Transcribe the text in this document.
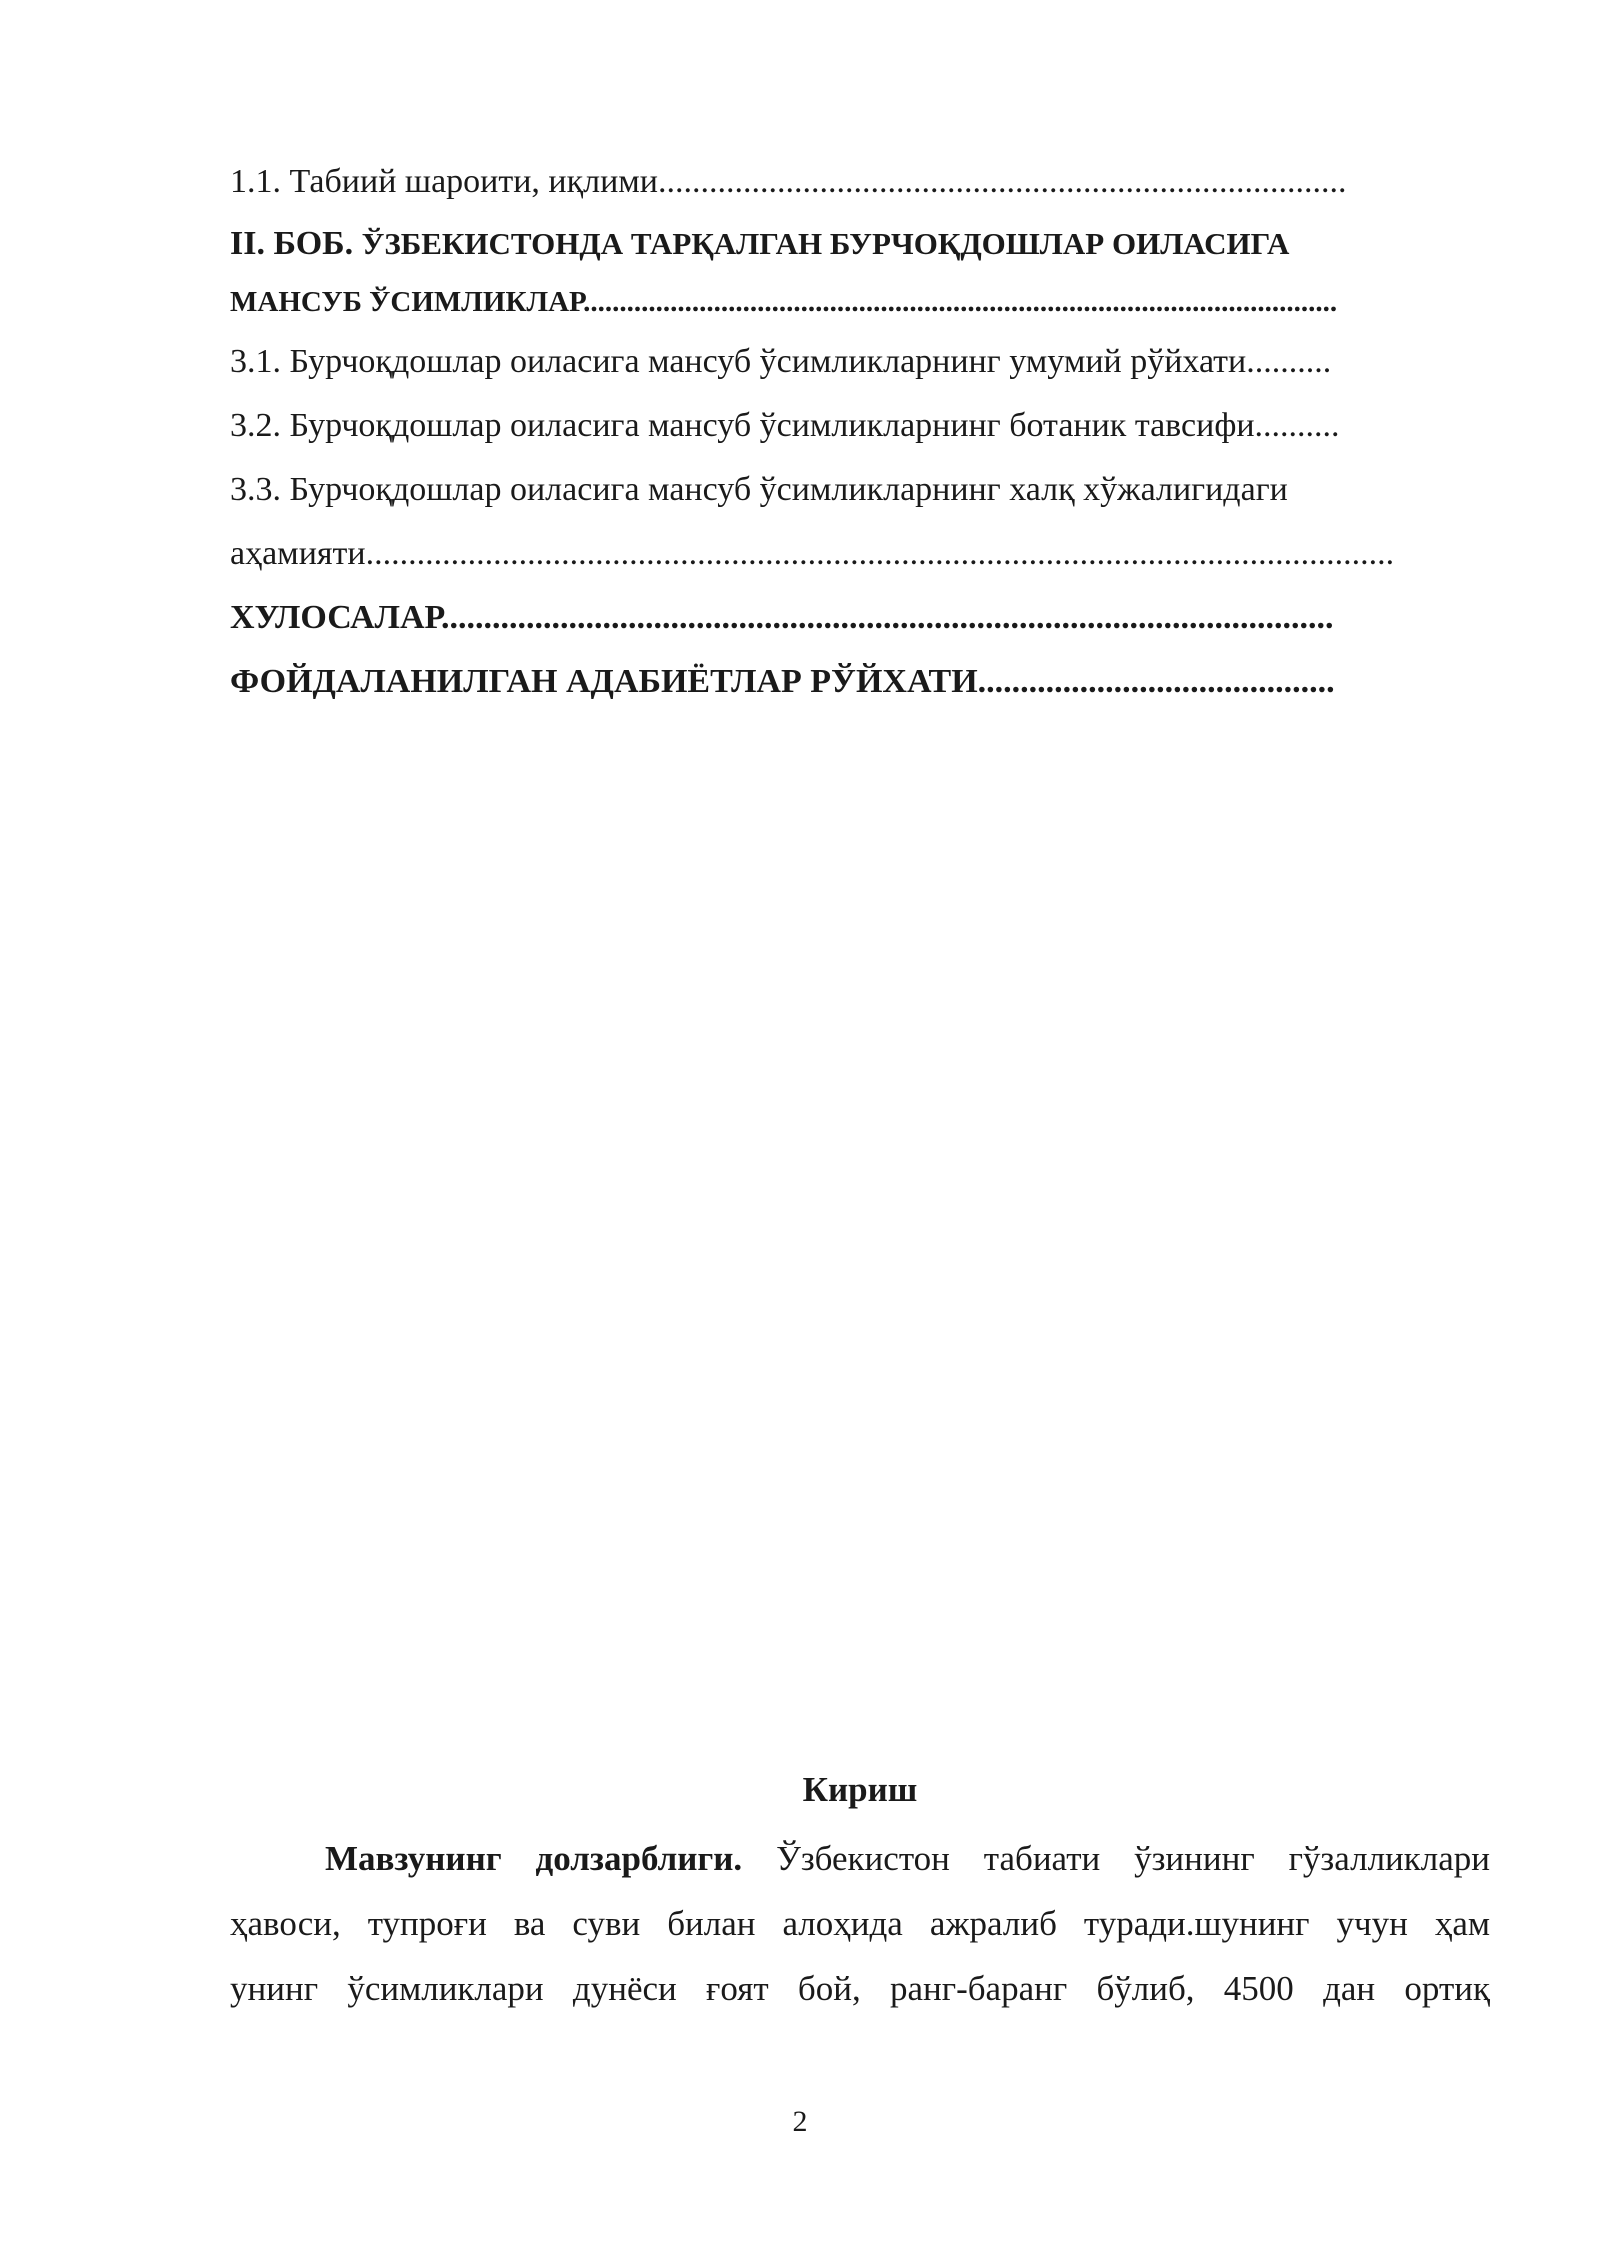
1.1. Табиий шароити, иқлими.................................................................................
II. БОБ. ЎЗБЕКИСТОНДА ТАРҚАЛГАН БУРЧОҚДОШЛАР ОИЛАСИГА
МАНСУБ ЎСИМЛИКЛАР........................................................................................................
3.1. Бурчоқдошлар оиласига мансуб ўсимликларнинг умумий рўйхати..........
3.2. Бурчоқдошлар оиласига мансуб ўсимликларнинг ботаник тавсифи..........
3.3. Бурчоқдошлар оиласига мансуб ўсимликларнинг халқ хўжалигидаги
аҳамияти.........................................................................................................................
ХУЛОСАЛАР.........................................................................................................
ФОЙДАЛАНИЛГАН АДАБИЁТЛАР РЎЙХАТИ..........................................
Кириш
Мавзунинг долзарблиги. Ўзбекистон табиати ўзининг гўзалликлари
ҳавоси, тупроғи ва суви билан алоҳида ажралиб туради.шунинг учун ҳам
унинг ўсимликлари дунёси ғоят бой, ранг-баранг бўлиб, 4500 дан ортиқ
2
